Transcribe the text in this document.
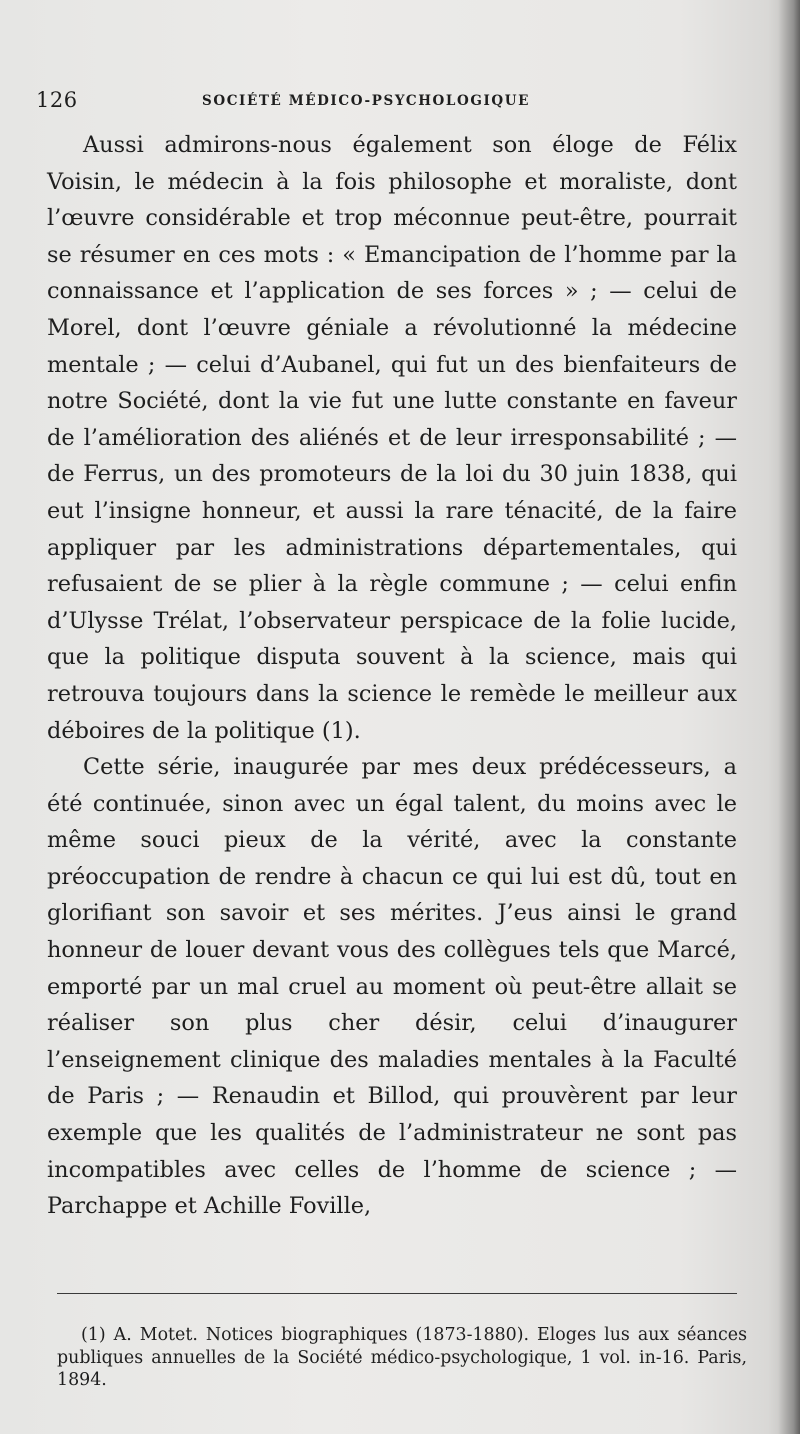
126	SOCIÉTÉ MÉDICO-PSYCHOLOGIQUE

Aussi admirons-nous également son éloge de Félix Voisin, le médecin à la fois philosophe et moraliste, dont l’œuvre considérable et trop méconnue peut-être, pourrait se résumer en ces mots : « Emancipation de l’homme par la connaissance et l’application de ses forces » ; — celui de Morel, dont l’œuvre géniale a révolutionné la médecine mentale ; — celui d’Aubanel, qui fut un des bienfaiteurs de notre Société, dont la vie fut une lutte constante en faveur de l’amélioration des aliénés et de leur irresponsabilité ; — de Ferrus, un des promoteurs de la loi du 30 juin 1838, qui eut l’insigne honneur, et aussi la rare ténacité, de la faire appliquer par les administrations départementales, qui refusaient de se plier à la règle commune ; — celui enfin d’Ulysse Trélat, l’observateur perspicace de la folie lucide, que la politique disputa souvent à la science, mais qui retrouva toujours dans la science le remède le meilleur aux déboires de la politique (1).

Cette série, inaugurée par mes deux prédécesseurs, a été continuée, sinon avec un égal talent, du moins avec le même souci pieux de la vérité, avec la constante préoccupation de rendre à chacun ce qui lui est dû, tout en glorifiant son savoir et ses mérites. J’eus ainsi le grand honneur de louer devant vous des collègues tels que Marcé, emporté par un mal cruel au moment où peut-être allait se réaliser son plus cher désir, celui d’inaugurer l’enseignement clinique des maladies mentales à la Faculté de Paris ; — Renaudin et Billod, qui prouvèrent par leur exemple que les qualités de l’administrateur ne sont pas incompatibles avec celles de l’homme de science ; — Parchappe et Achille Foville,

(1) A. Motet. Notices biographiques (1873-1880). Eloges lus aux séances publiques annuelles de la Société médico-psychologique, 1 vol. in-16. Paris, 1894.
